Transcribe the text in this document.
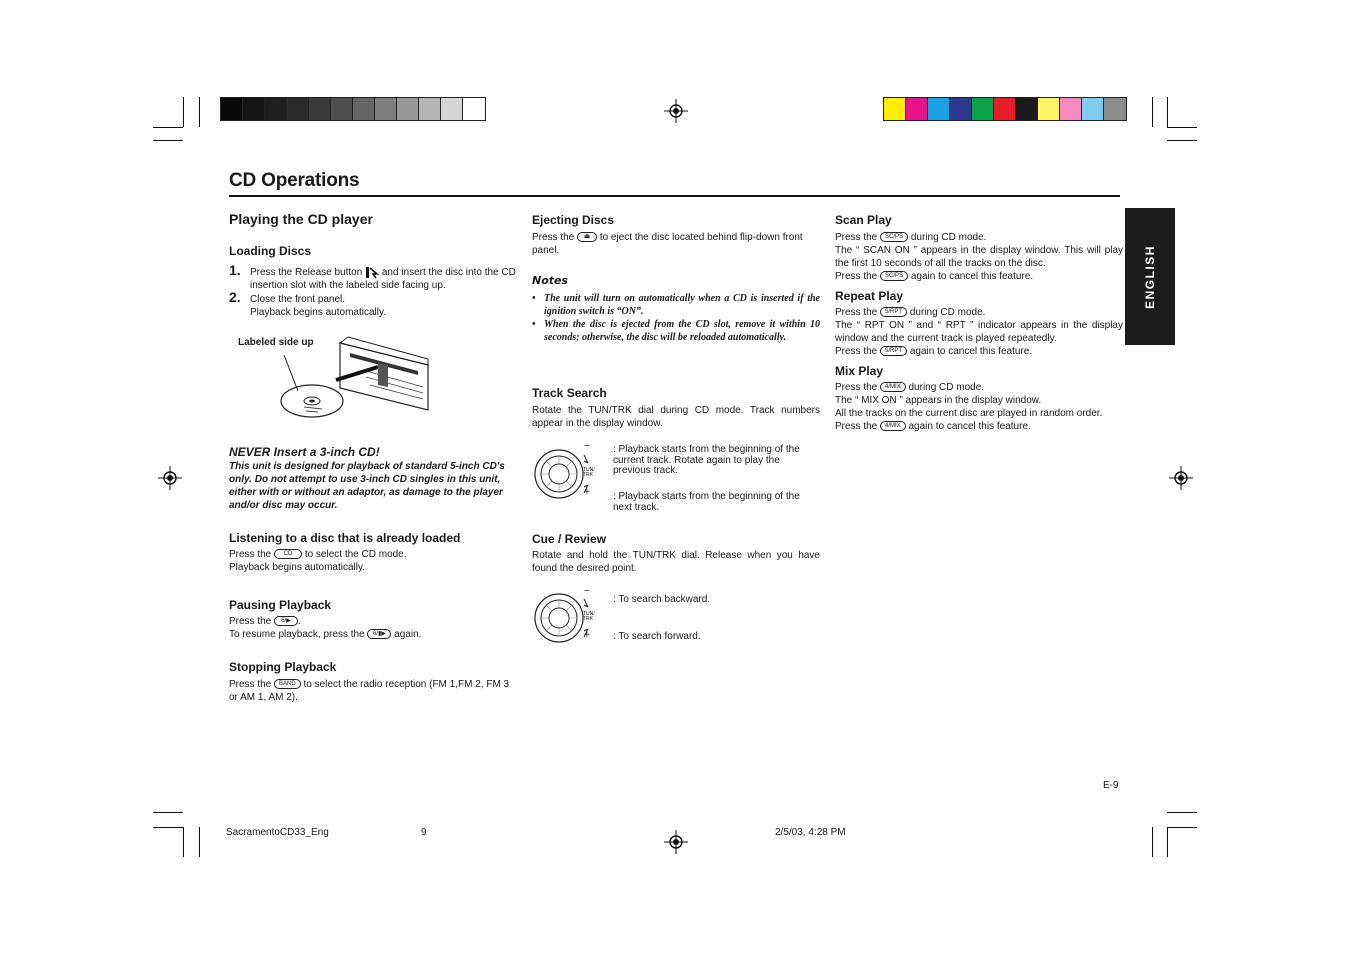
CD Operations
ENGLISH
Playing the CD player
Loading Discs
1. Press the Release button and insert the disc into the CD insertion slot with the labeled side facing up.
2. Close the front panel.
Playback begins automatically.
Labeled side up
NEVER Insert a 3-inch CD!
This unit is designed for playback of standard 5-inch CD's only. Do not attempt to use 3-inch CD singles in this unit, either with or without an adaptor, as damage to the player and/or disc may occur.
Listening to a disc that is already loaded
Press the CD to select the CD mode.
Playback begins automatically.
Pausing Playback
Press the 6/▶ .
To resume playback, press the 6/▮▶ again.
Stopping Playback
Press the BAND to select the radio reception (FM 1,FM 2, FM 3 or AM 1, AM 2).
Ejecting Discs
Press the ⏏ to eject the disc located behind flip-down front panel.
Notes
• The unit will turn on automatically when a CD is inserted if the ignition switch is “ON”.
• When the disc is ejected from the CD slot, remove it within 10 seconds; otherwise, the disc will be reloaded automatically.
Track Search
Rotate the TUN/TRK dial during CD mode. Track numbers appear in the display window.
−
+
TUN/TRK
: Playback starts from the beginning of the current track. Rotate again to play the previous track.
: Playback starts from the beginning of the next track.
Cue / Review
Rotate and hold the TUN/TRK dial. Release when you have found the desired point.
−
+
TUN/TRK
: To search backward.
: To search forward.
Scan Play
Press the SC/PS during CD mode.
The “ SCAN ON ” appears in the display window. This will play the first 10 seconds of all the tracks on the disc.
Press the SC/PS again to cancel this feature.
Repeat Play
Press the 5/RPT during CD mode.
The “ RPT ON ” and “ RPT ” indicator appears in the display window and the current track is played repeatedly.
Press the 5/RPT again to cancel this feature.
Mix Play
Press the 4/MIX during CD mode.
The “ MIX ON ” appears in the display window.
All the tracks on the current disc are played in random order.
Press the 4/MIX again to cancel this feature.
E-9
SacramentoCD33_Eng	9	2/5/03, 4:28 PM
